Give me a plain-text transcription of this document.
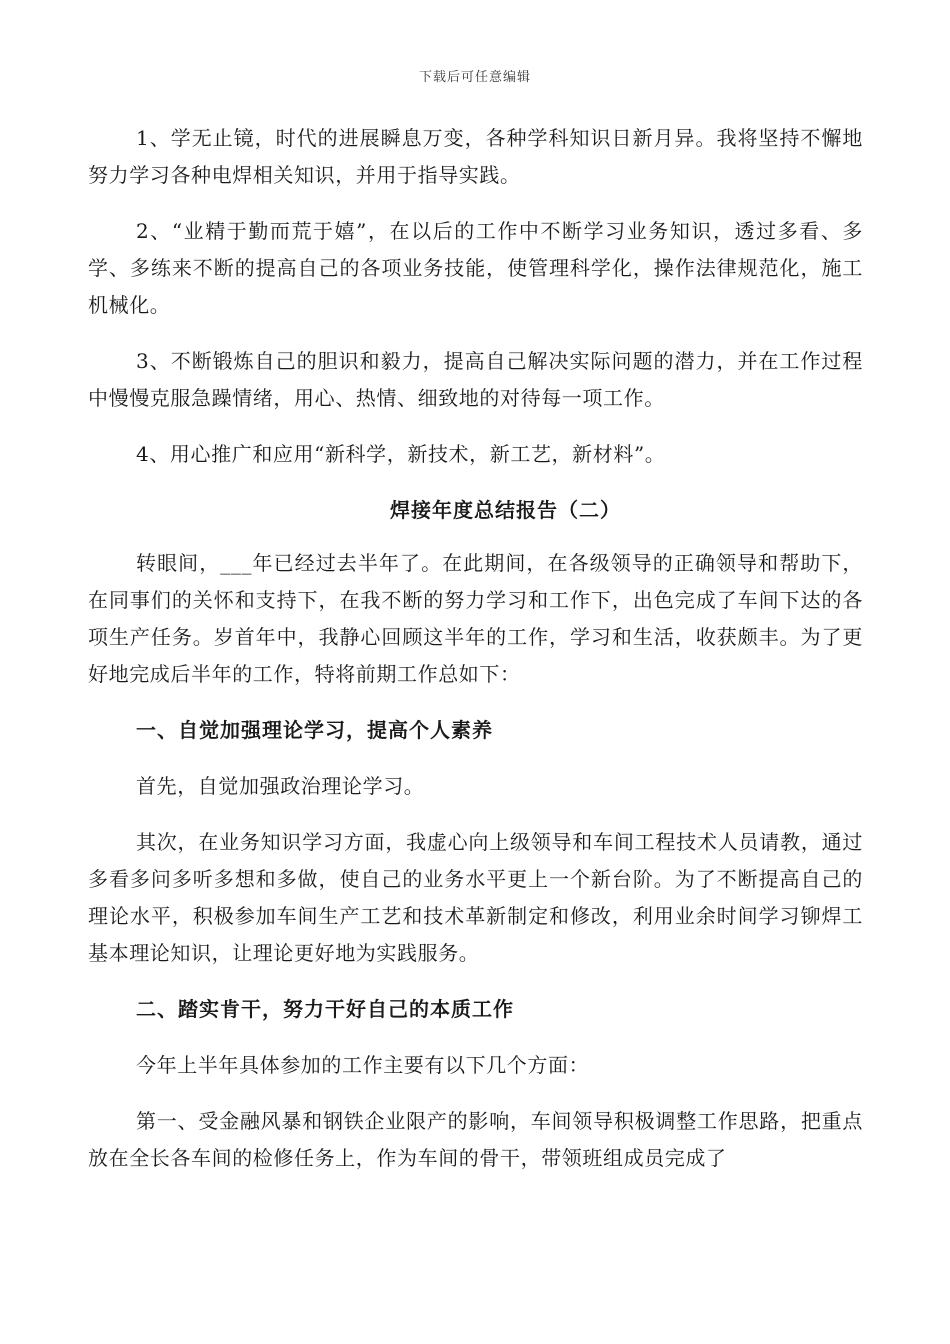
下载后可任意编辑

1、学无止镜，时代的进展瞬息万变，各种学科知识日新月异。我将坚持不懈地努力学习各种电焊相关知识，并用于指导实践。

2、“业精于勤而荒于嬉”，在以后的工作中不断学习业务知识，透过多看、多学、多练来不断的提高自己的各项业务技能，使管理科学化，操作法律规范化，施工机械化。

3、不断锻炼自己的胆识和毅力，提高自己解决实际问题的潜力，并在工作过程中慢慢克服急躁情绪，用心、热情、细致地的对待每一项工作。

4、用心推广和应用“新科学，新技术，新工艺，新材料”。

焊接年度总结报告（二）

转眼间，___年已经过去半年了。在此期间，在各级领导的正确领导和帮助下，在同事们的关怀和支持下，在我不断的努力学习和工作下，出色完成了车间下达的各项生产任务。岁首年中，我静心回顾这半年的工作，学习和生活，收获颇丰。为了更好地完成后半年的工作，特将前期工作总如下：

一、自觉加强理论学习，提高个人素养

首先，自觉加强政治理论学习。

其次，在业务知识学习方面，我虚心向上级领导和车间工程技术人员请教，通过多看多问多听多想和多做，使自己的业务水平更上一个新台阶。为了不断提高自己的理论水平，积极参加车间生产工艺和技术革新制定和修改，利用业余时间学习铆焊工基本理论知识，让理论更好地为实践服务。

二、踏实肯干，努力干好自己的本质工作

今年上半年具体参加的工作主要有以下几个方面：

第一、受金融风暴和钢铁企业限产的影响，车间领导积极调整工作思路，把重点放在全长各车间的检修任务上，作为车间的骨干，带领班组成员完成了
